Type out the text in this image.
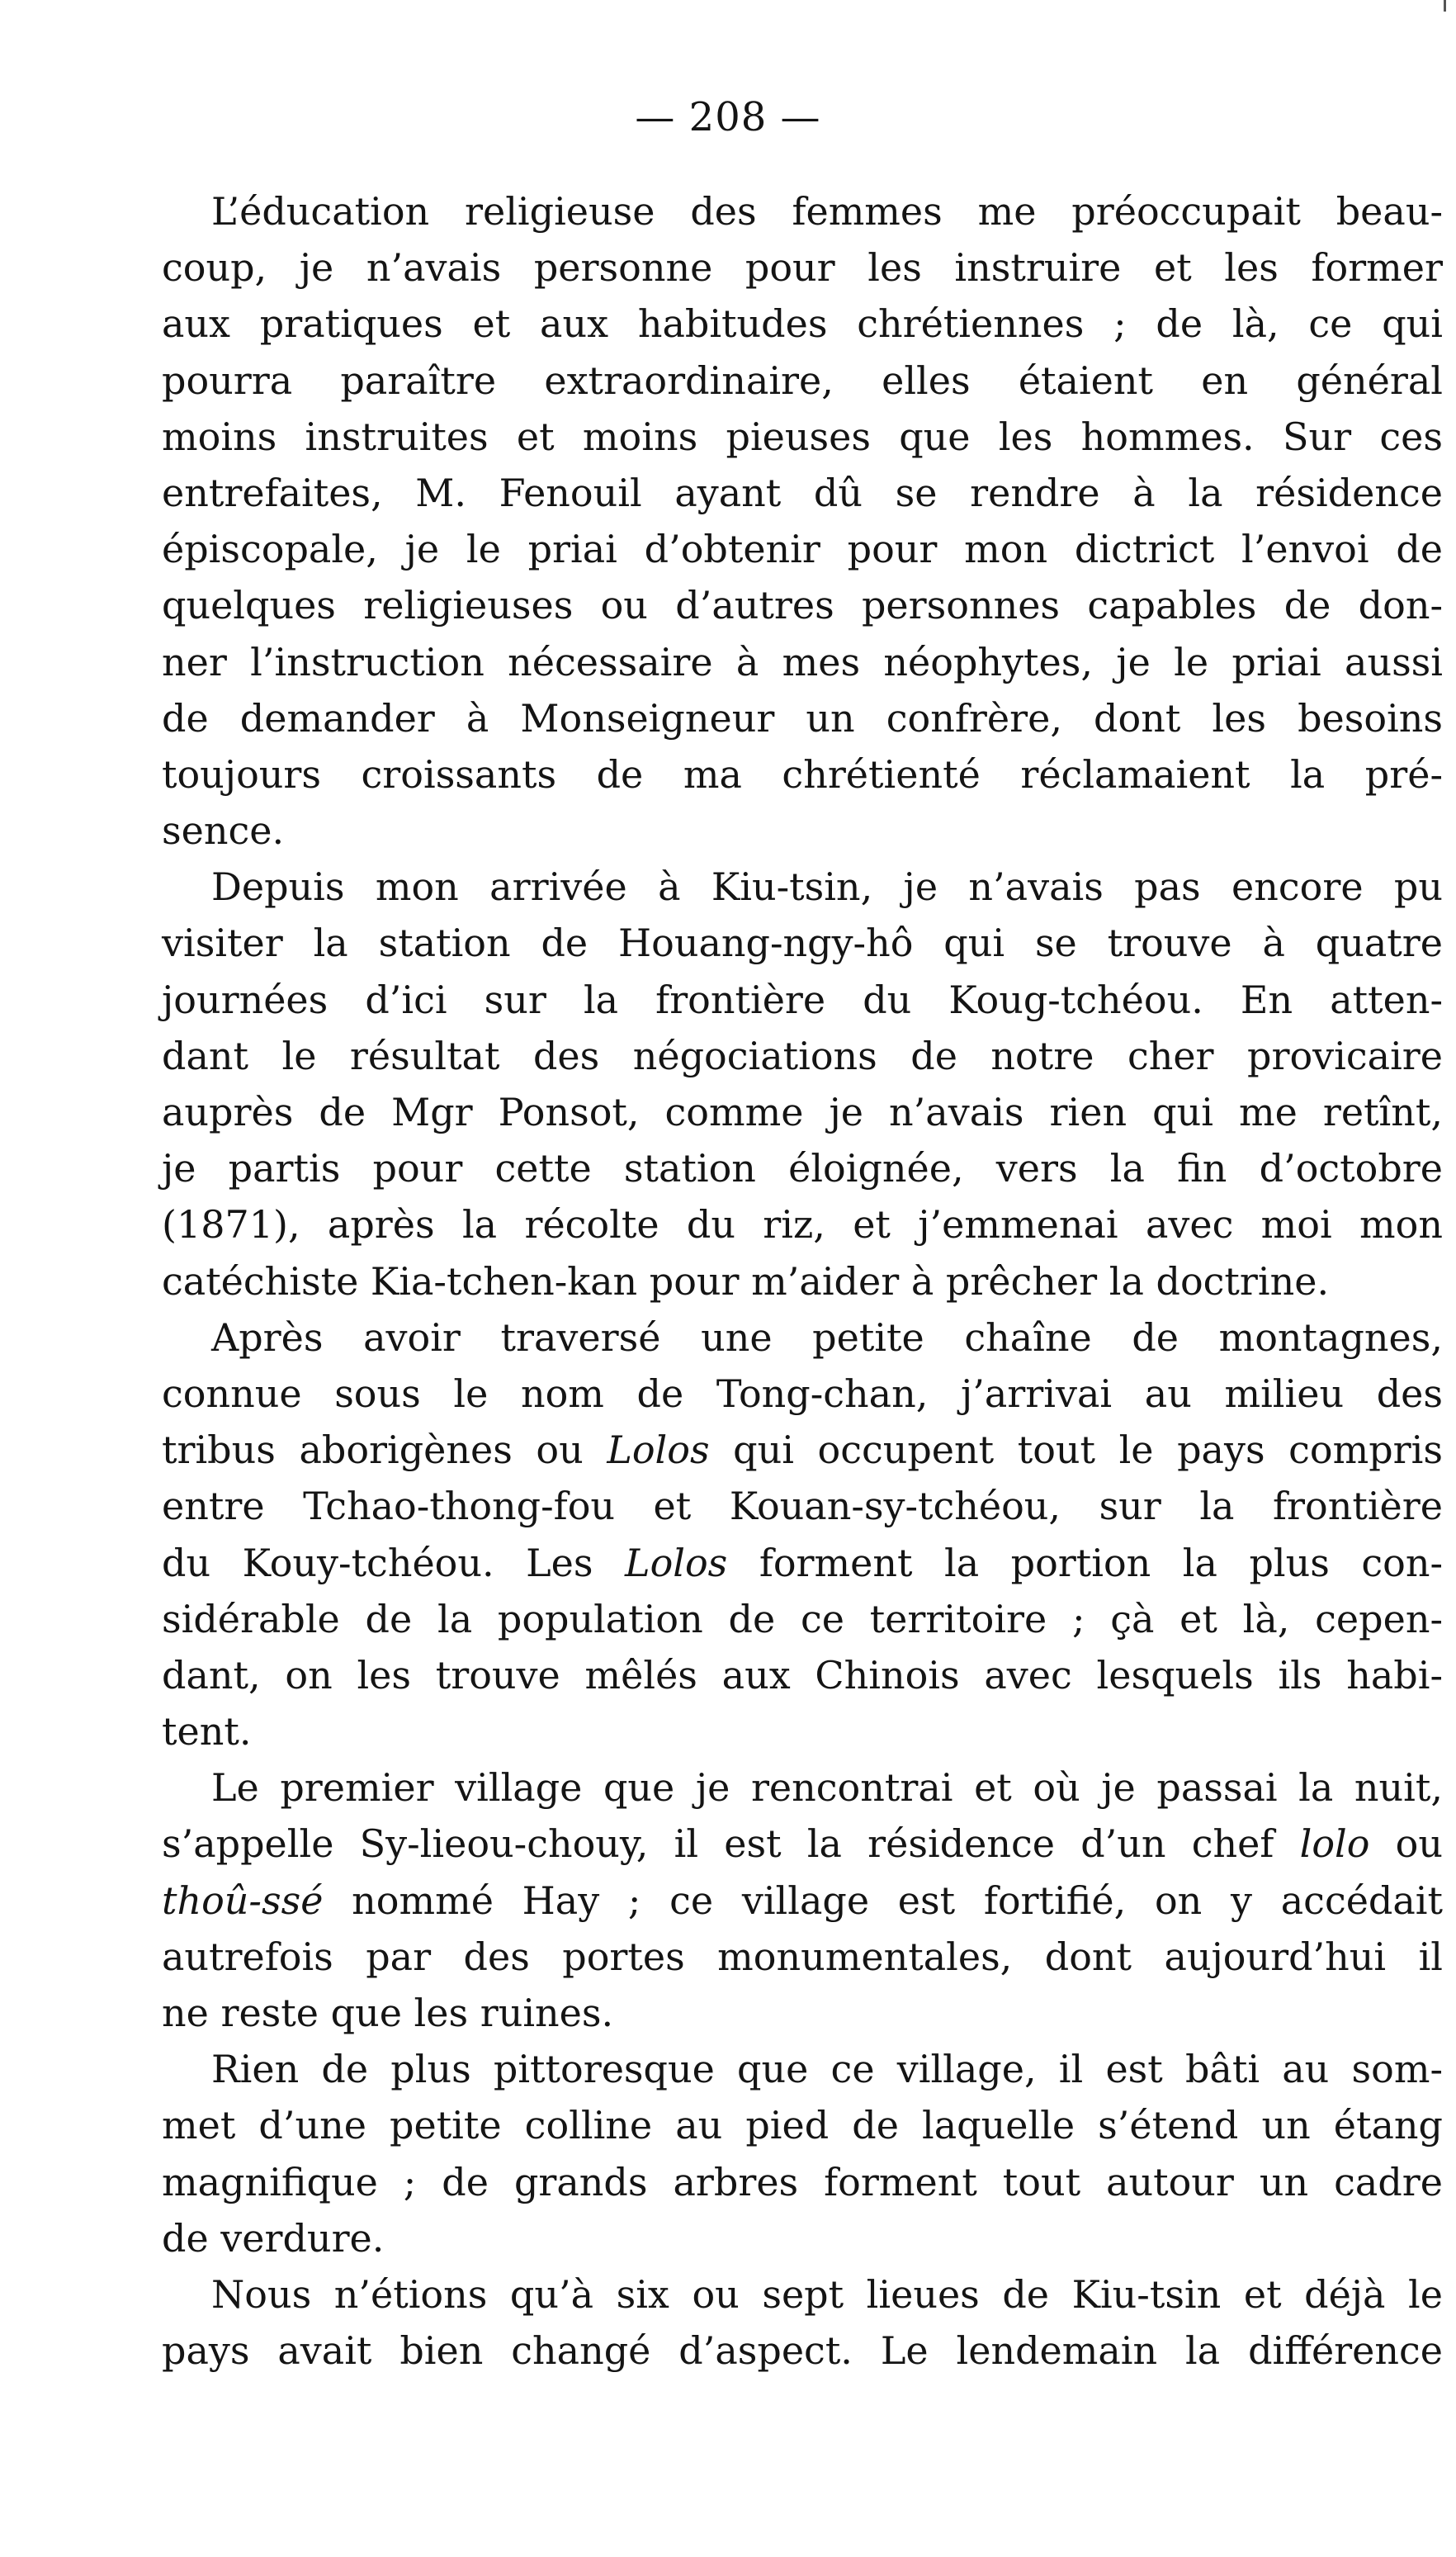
— 208 —

L’éducation religieuse des femmes me préoccupait beau-
coup, je n’avais personne pour les instruire et les former
aux pratiques et aux habitudes chrétiennes ; de là, ce qui
pourra paraître extraordinaire, elles étaient en général
moins instruites et moins pieuses que les hommes. Sur ces
entrefaites, M. Fenouil ayant dû se rendre à la résidence
épiscopale, je le priai d’obtenir pour mon dictrict l’envoi de
quelques religieuses ou d’autres personnes capables de don-
ner l’instruction nécessaire à mes néophytes, je le priai aussi
de demander à Monseigneur un confrère, dont les besoins
toujours croissants de ma chrétienté réclamaient la pré-
sence.

Depuis mon arrivée à Kiu-tsin, je n’avais pas encore pu
visiter la station de Houang-ngy-hô qui se trouve à quatre
journées d’ici sur la frontière du Koug-tchéou. En atten-
dant le résultat des négociations de notre cher provicaire
auprès de Mgr Ponsot, comme je n’avais rien qui me retînt,
je partis pour cette station éloignée, vers la fin d’octobre
(1871), après la récolte du riz, et j’emmenai avec moi mon
catéchiste Kia-tchen-kan pour m’aider à prêcher la doctrine.

Après avoir traversé une petite chaîne de montagnes,
connue sous le nom de Tong-chan, j’arrivai au milieu des
tribus aborigènes ou Lolos qui occupent tout le pays compris
entre Tchao-thong-fou et Kouan-sy-tchéou, sur la frontière
du Kouy-tchéou. Les Lolos forment la portion la plus con-
sidérable de la population de ce territoire ; çà et là, cepen-
dant, on les trouve mêlés aux Chinois avec lesquels ils habi-
tent.

Le premier village que je rencontrai et où je passai la nuit,
s’appelle Sy-lieou-chouy, il est la résidence d’un chef lolo ou
thoû-ssé nommé Hay ; ce village est fortifié, on y accédait
autrefois par des portes monumentales, dont aujourd’hui il
ne reste que les ruines.

Rien de plus pittoresque que ce village, il est bâti au som-
met d’une petite colline au pied de laquelle s’étend un étang
magnifique ; de grands arbres forment tout autour un cadre
de verdure.

Nous n’étions qu’à six ou sept lieues de Kiu-tsin et déjà le
pays avait bien changé d’aspect. Le lendemain la différence
